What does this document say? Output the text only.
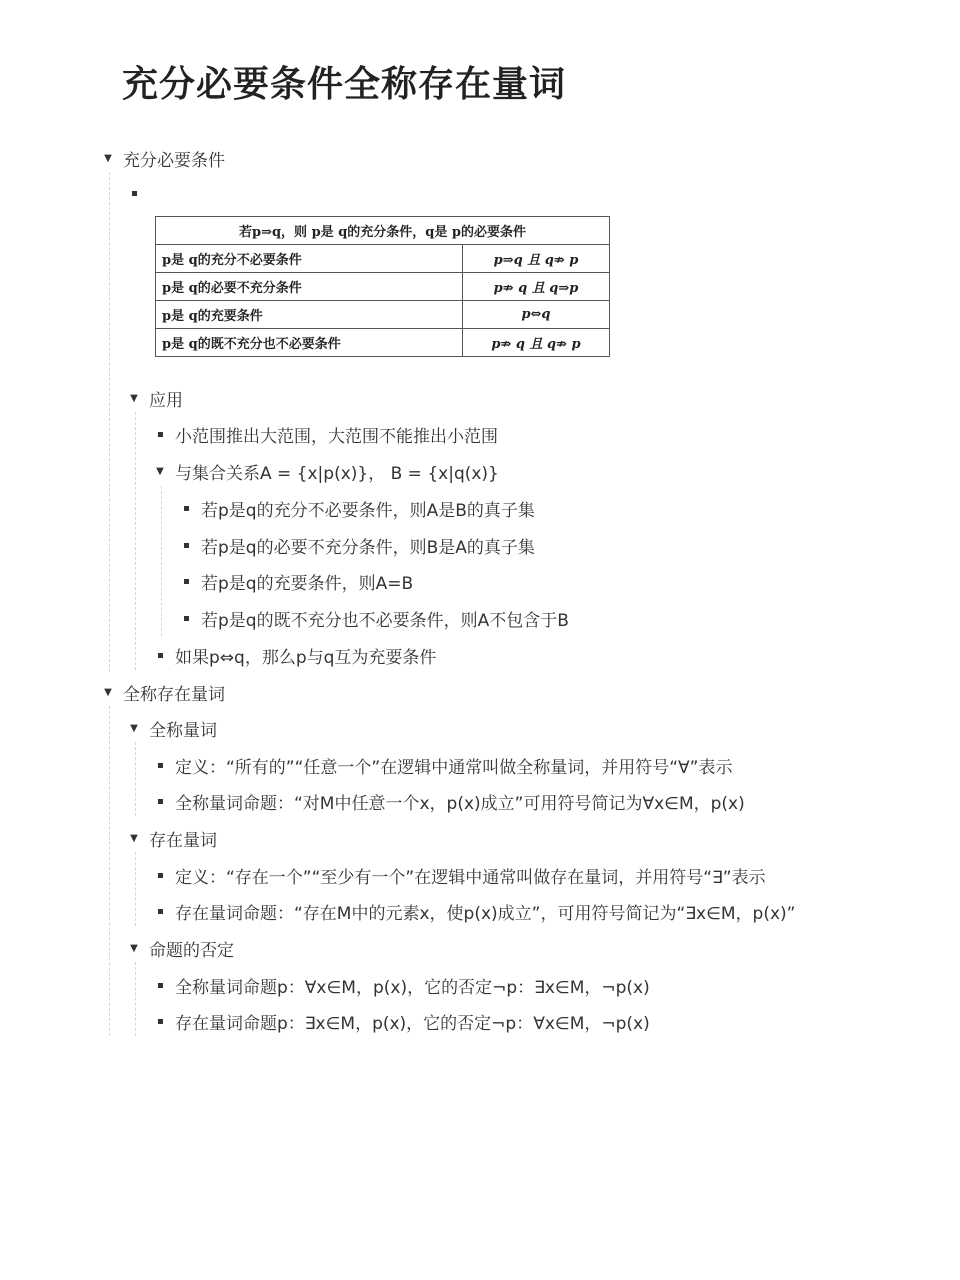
充分必要条件全称存在量词
▼ 充分必要条件
若p⇒q，则 p是 q的充分条件，q是 p的必要条件	
p是 q的充分不必要条件	p⇒q 且 q⇏ p
p是 q的必要不充分条件	p⇏ q 且 q⇒p
p是 q的充要条件	p⇔q
p是 q的既不充分也不必要条件	p⇏ q 且 q⇏ p
▼ 应用
小范围推出大范围，大范围不能推出小范围
▼ 与集合关系A = {x|p(x)}， B = {x|q(x)}
若p是q的充分不必要条件，则A是B的真子集
若p是q的必要不充分条件，则B是A的真子集
若p是q的充要条件，则A=B
若p是q的既不充分也不必要条件，则A不包含于B
如果p⇔q，那么p与q互为充要条件
▼ 全称存在量词
▼ 全称量词
定义：“所有的”“任意一个”在逻辑中通常叫做全称量词，并用符号“∀”表示
全称量词命题：“对M中任意一个x，p(x)成立”可用符号简记为∀x∈M，p(x)
▼ 存在量词
定义：“存在一个”“至少有一个”在逻辑中通常叫做存在量词，并用符号“∃”表示
存在量词命题：“存在M中的元素x，使p(x)成立”，可用符号简记为“∃x∈M，p(x)”
▼ 命题的否定
全称量词命题p：∀x∈M，p(x)，它的否定¬p：∃x∈M，¬p(x)
存在量词命题p：∃x∈M，p(x)，它的否定¬p：∀x∈M，¬p(x)
